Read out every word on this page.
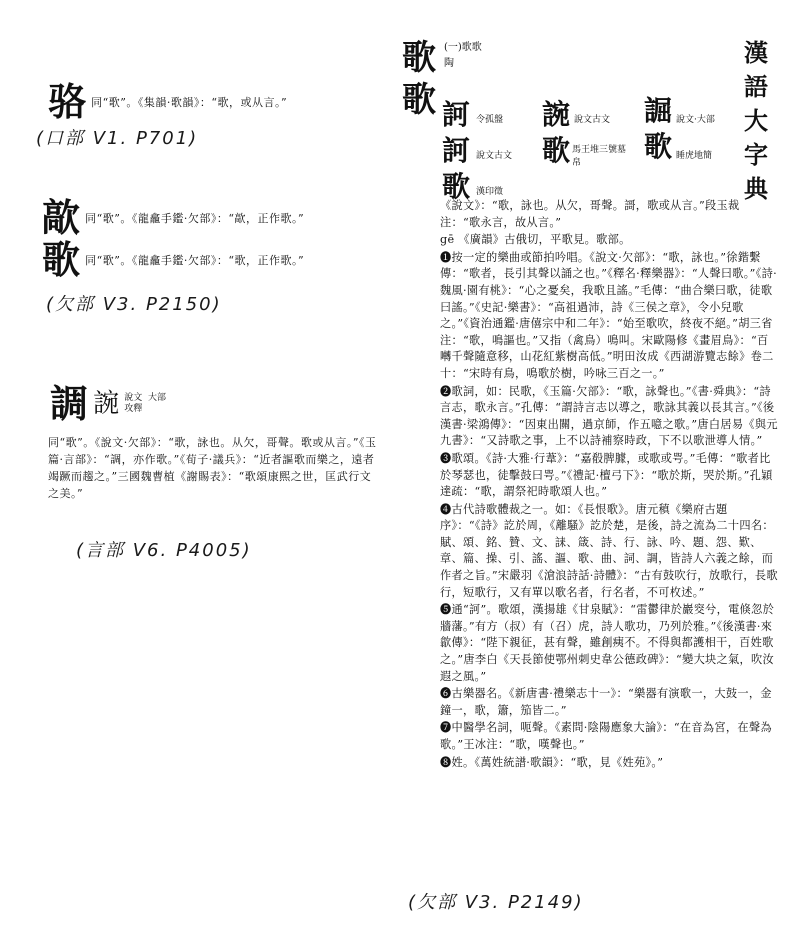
骆 同“歌”。《集韻·歌韻》：“歌，或从言。”
(口部 V1. P701)
歊 同“歌”。《龍龕手鑑·欠部》：“歊，正作歌。”
歌 同“歌”。《龍龕手鑑·欠部》：“歌，正作歌。”
(欠部 V3. P2150)
調 䛷 說文 大部
攻釋
同“歌”。《說文·欠部》：“歌，詠也。从欠，哥聲。歌或从言。”《玉篇·言部》：“調，亦作歌。”《荀子·議兵》：“近者謳歌而樂之，遠者竭蹶而趨之。”三國魏曹植《謝賜表》：“歌頌康熙之世，匡武行文之美。”
(言部 V6. P4005)
歌
歌
(一)歌歌
陶
訶 令孤盤 䛷 說文古文 誳 說文·大部
訶 說文古文 歌 馬王堆三號墓帛	歌 睡虎地簡
歌 漢印徵
漢語大字典

《說文》：“歌，詠也。从欠，哥聲。謌，歌或从言。”段玉裁注：“歌永言，故从言。”

gē 《廣韻》古俄切，平歌見。歌部。

❶按一定的樂曲或節拍吟唱。《說文·欠部》：“歌，詠也。”徐鍇繫傳：“歌者，長引其聲以誦之也。”《釋名·釋樂器》：“人聲曰歌。”《詩·魏風·園有桃》：“心之憂矣，我歌且謠。”毛傳：“曲合樂曰歌，徒歌曰謠。”《史記·樂書》：“高祖過沛，詩《三侯之章》，令小兒歌之。”《資治通鑑·唐僖宗中和二年》：“始至歌吹，終夜不絕。”胡三省注：“歌，鳴謳也。”又指（禽鳥）鳴叫。宋歐陽修《畫眉鳥》：“百囀千聲隨意移，山花紅紫樹高低。”明田汝成《西湖游覽志餘》卷二十：“宋時有鳥，鳴歌於樹，吟咏三百之一。”

❷歌詞，如：民歌，《玉篇·欠部》：“歌，詠聲也。”《書·舜典》：“詩言志，歌永言。”孔傳：“謂詩言志以導之，歌詠其義以長其言。”《後漢書·梁鴻傳》：“因東出關，過京師，作五噫之歌。”唐白居易《與元九書》：“又詩歌之事，上不以詩補察時政，下不以歌泄導人情。”

❸歌頌。《詩·大雅·行葦》：“嘉殽脾臄，或歌或咢。”毛傳：“歌者比於琴瑟也，徒擊鼓曰咢。”《禮記·檀弓下》：“歌於斯，哭於斯。”孔穎達疏：“歌，謂祭祀時歌頌人也。”

❹古代詩歌體裁之一。如：《長恨歌》。唐元稹《樂府古題序》：“《詩》訖於周，《離騷》訖於楚，是後，詩之流為二十四名：賦、頌、銘、贊、文、誄、箴、詩、行、詠、吟、題、怨、歎、章、篇、操、引、謠、謳、歌、曲、詞、調，皆詩人六義之餘，而作者之旨。”宋嚴羽《滄浪詩話·詩體》：“古有鼓吹行，放歌行，長歌行，短歌行，又有單以歌名者，行名者，不可枚述。”

❺通“訶”。歌頌，漢揚雄《甘泉賦》：“雷鬱律於巖窔兮，電倏忽於牆藩。”有方（叔）有（召）虎，詩人歌功，乃列於雅。”《後漢書·來歙傳》：“陛下親征，甚有聲，雖創痍不。不得與都護相干，百姓歌之。”唐李白《天長節使鄂州刺史韋公德政碑》：“變大块之氣，吹汝遐之風。”

❻古樂器名。《新唐書·禮樂志十一》：“樂器有演歌一，大鼓一，金鐘一，歌，簫，笳皆二。”

❼中醫學名詞，呃聲。《素問·陰陽應象大論》：“在音為宮，在聲為歌。”王冰注：“歌，嘆聲也。”

❽姓。《萬姓統譜·歌韻》：“歌，見《姓苑》。”

(欠部 V3. P2149)
